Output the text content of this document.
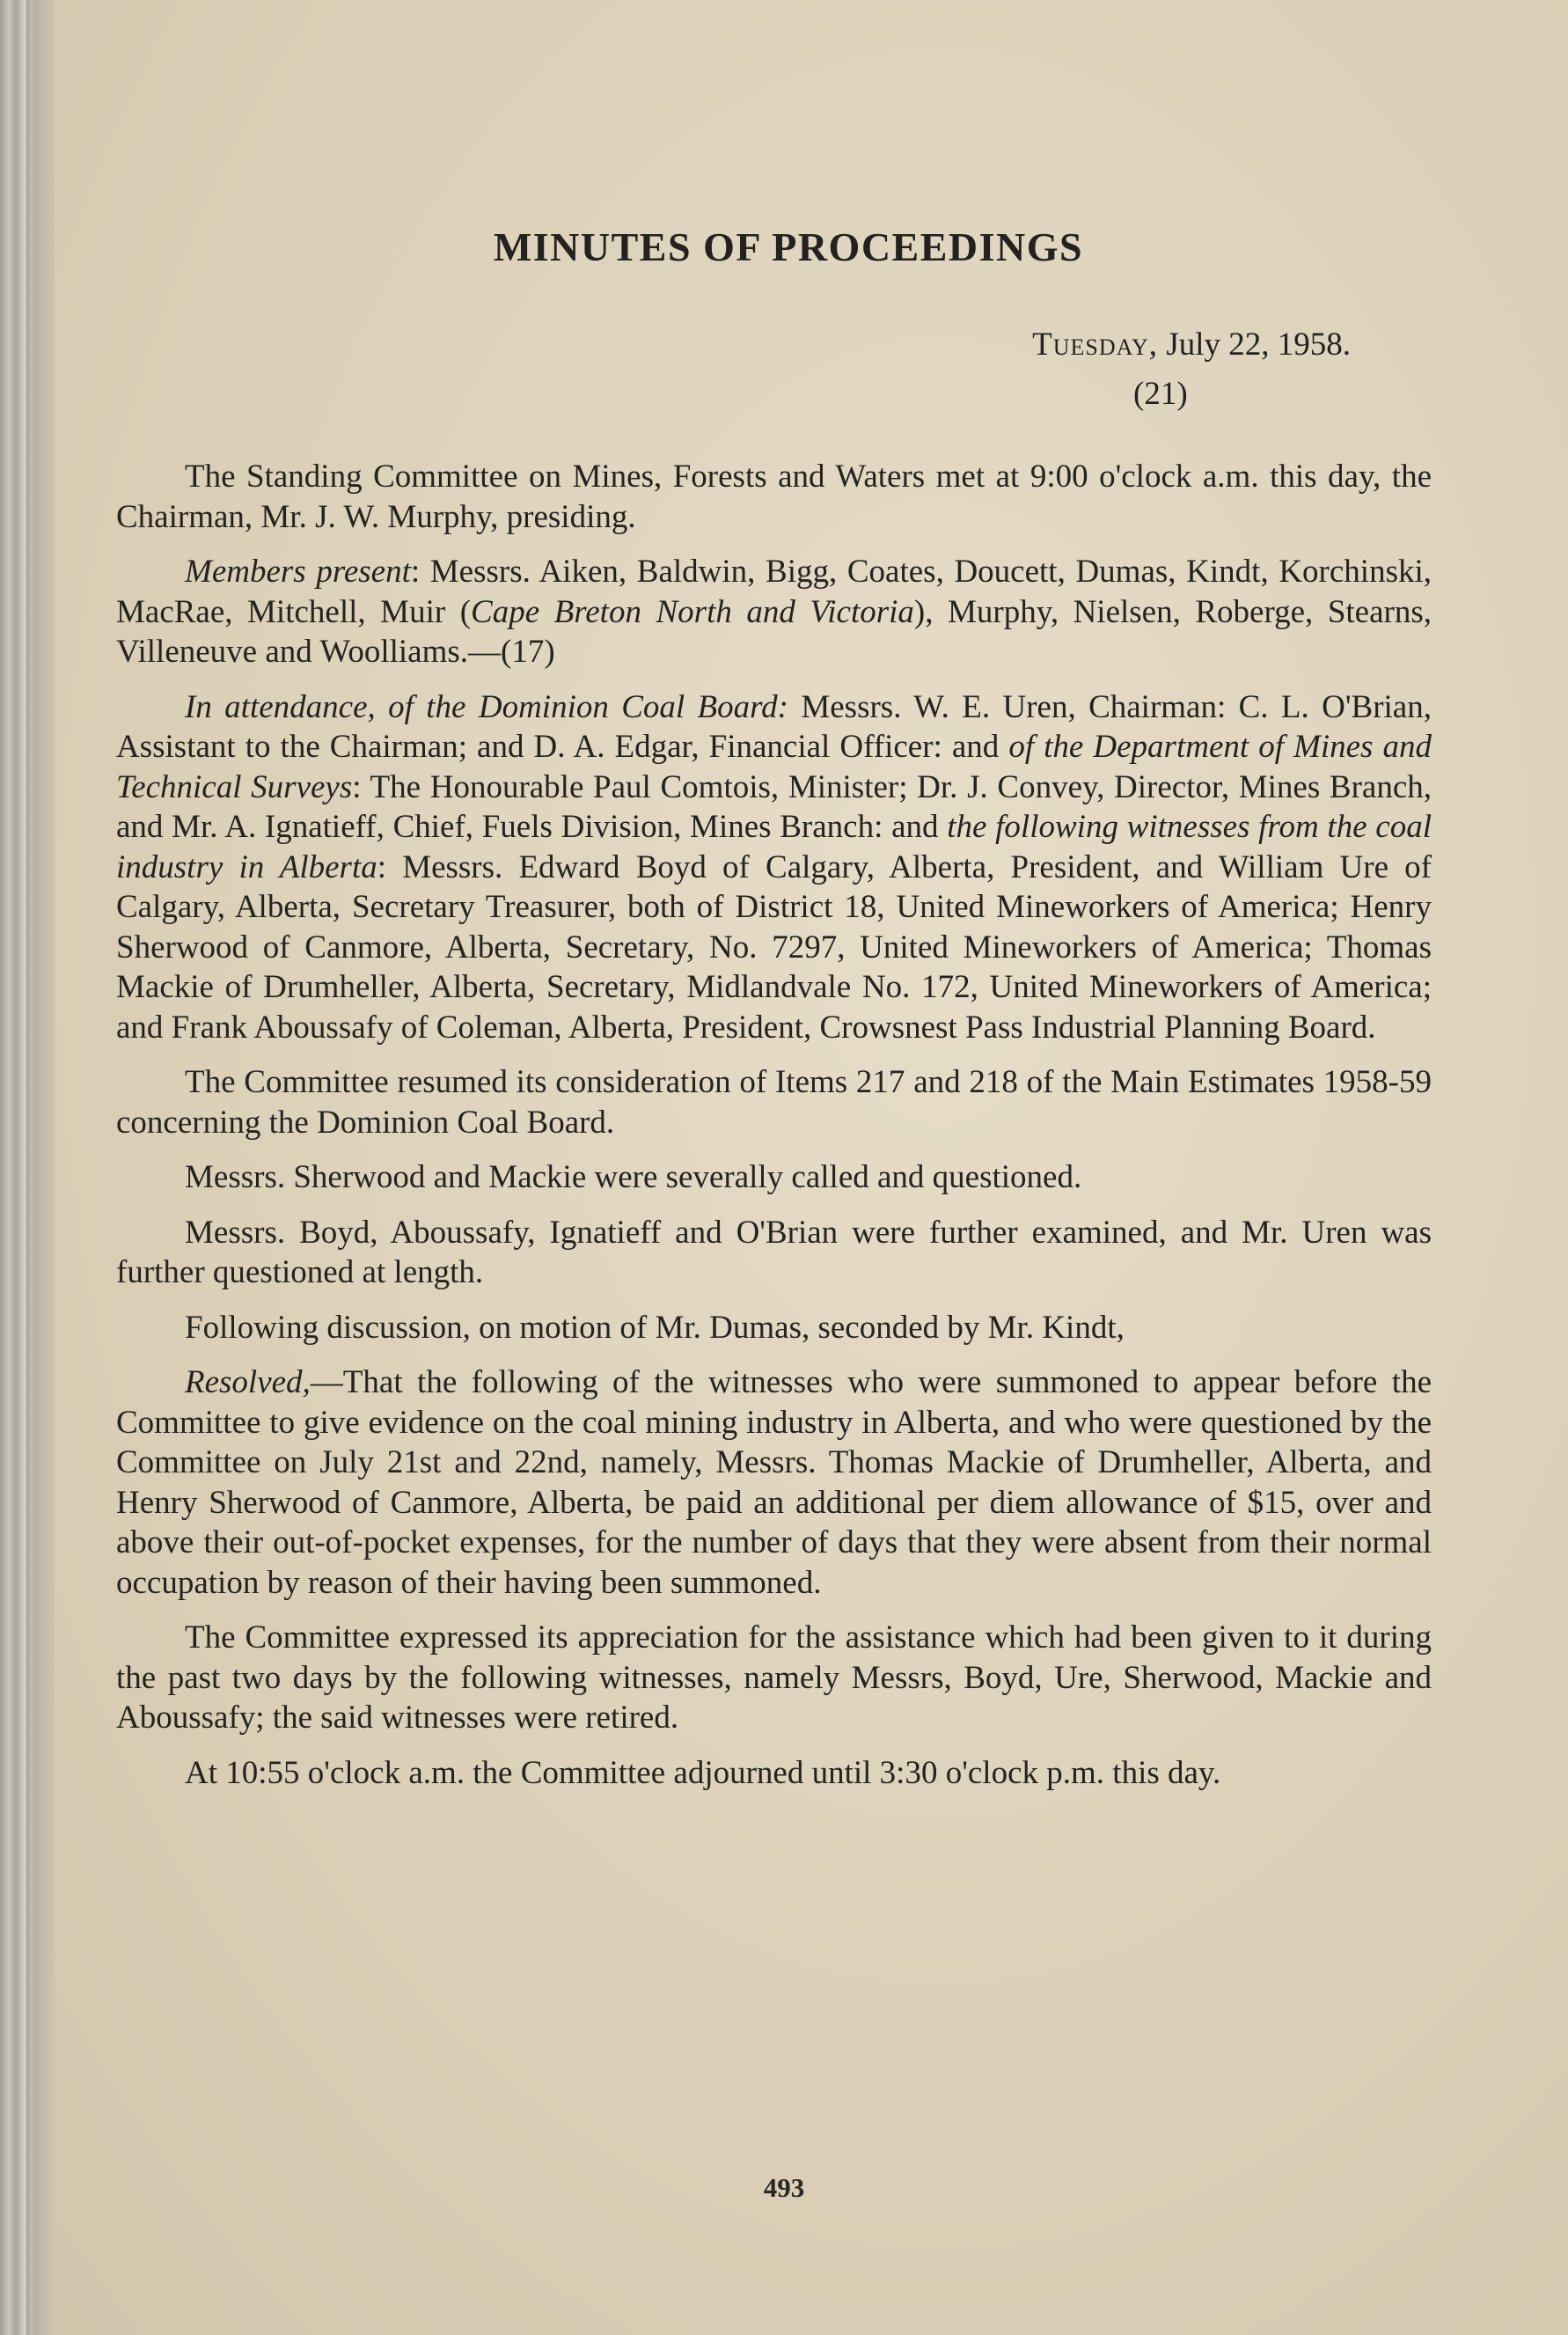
MINUTES OF PROCEEDINGS
Tuesday, July 22, 1958.
(21)

The Standing Committee on Mines, Forests and Waters met at 9:00 o'clock a.m. this day, the Chairman, Mr. J. W. Murphy, presiding.

Members present: Messrs. Aiken, Baldwin, Bigg, Coates, Doucett, Dumas, Kindt, Korchinski, MacRae, Mitchell, Muir (Cape Breton North and Victoria), Murphy, Nielsen, Roberge, Stearns, Villeneuve and Woolliams.—(17)

In attendance, of the Dominion Coal Board: Messrs. W. E. Uren, Chairman: C. L. O'Brian, Assistant to the Chairman; and D. A. Edgar, Financial Officer: and of the Department of Mines and Technical Surveys: The Honourable Paul Comtois, Minister; Dr. J. Convey, Director, Mines Branch, and Mr. A. Ignatieff, Chief, Fuels Division, Mines Branch: and the following witnesses from the coal industry in Alberta: Messrs. Edward Boyd of Calgary, Alberta, President, and William Ure of Calgary, Alberta, Secretary Treasurer, both of District 18, United Mineworkers of America; Henry Sherwood of Canmore, Alberta, Secretary, No. 7297, United Mineworkers of America; Thomas Mackie of Drumheller, Alberta, Secretary, Midlandvale No. 172, United Mineworkers of America; and Frank Aboussafy of Coleman, Alberta, President, Crowsnest Pass Industrial Planning Board.

The Committee resumed its consideration of Items 217 and 218 of the Main Estimates 1958-59 concerning the Dominion Coal Board.

Messrs. Sherwood and Mackie were severally called and questioned.

Messrs. Boyd, Aboussafy, Ignatieff and O'Brian were further examined, and Mr. Uren was further questioned at length.

Following discussion, on motion of Mr. Dumas, seconded by Mr. Kindt,

Resolved,—That the following of the witnesses who were summoned to appear before the Committee to give evidence on the coal mining industry in Alberta, and who were questioned by the Committee on July 21st and 22nd, namely, Messrs. Thomas Mackie of Drumheller, Alberta, and Henry Sherwood of Canmore, Alberta, be paid an additional per diem allowance of $15, over and above their out-of-pocket expenses, for the number of days that they were absent from their normal occupation by reason of their having been summoned.

The Committee expressed its appreciation for the assistance which had been given to it during the past two days by the following witnesses, namely Messrs, Boyd, Ure, Sherwood, Mackie and Aboussafy; the said witnesses were retired.

At 10:55 o'clock a.m. the Committee adjourned until 3:30 o'clock p.m. this day.

493
